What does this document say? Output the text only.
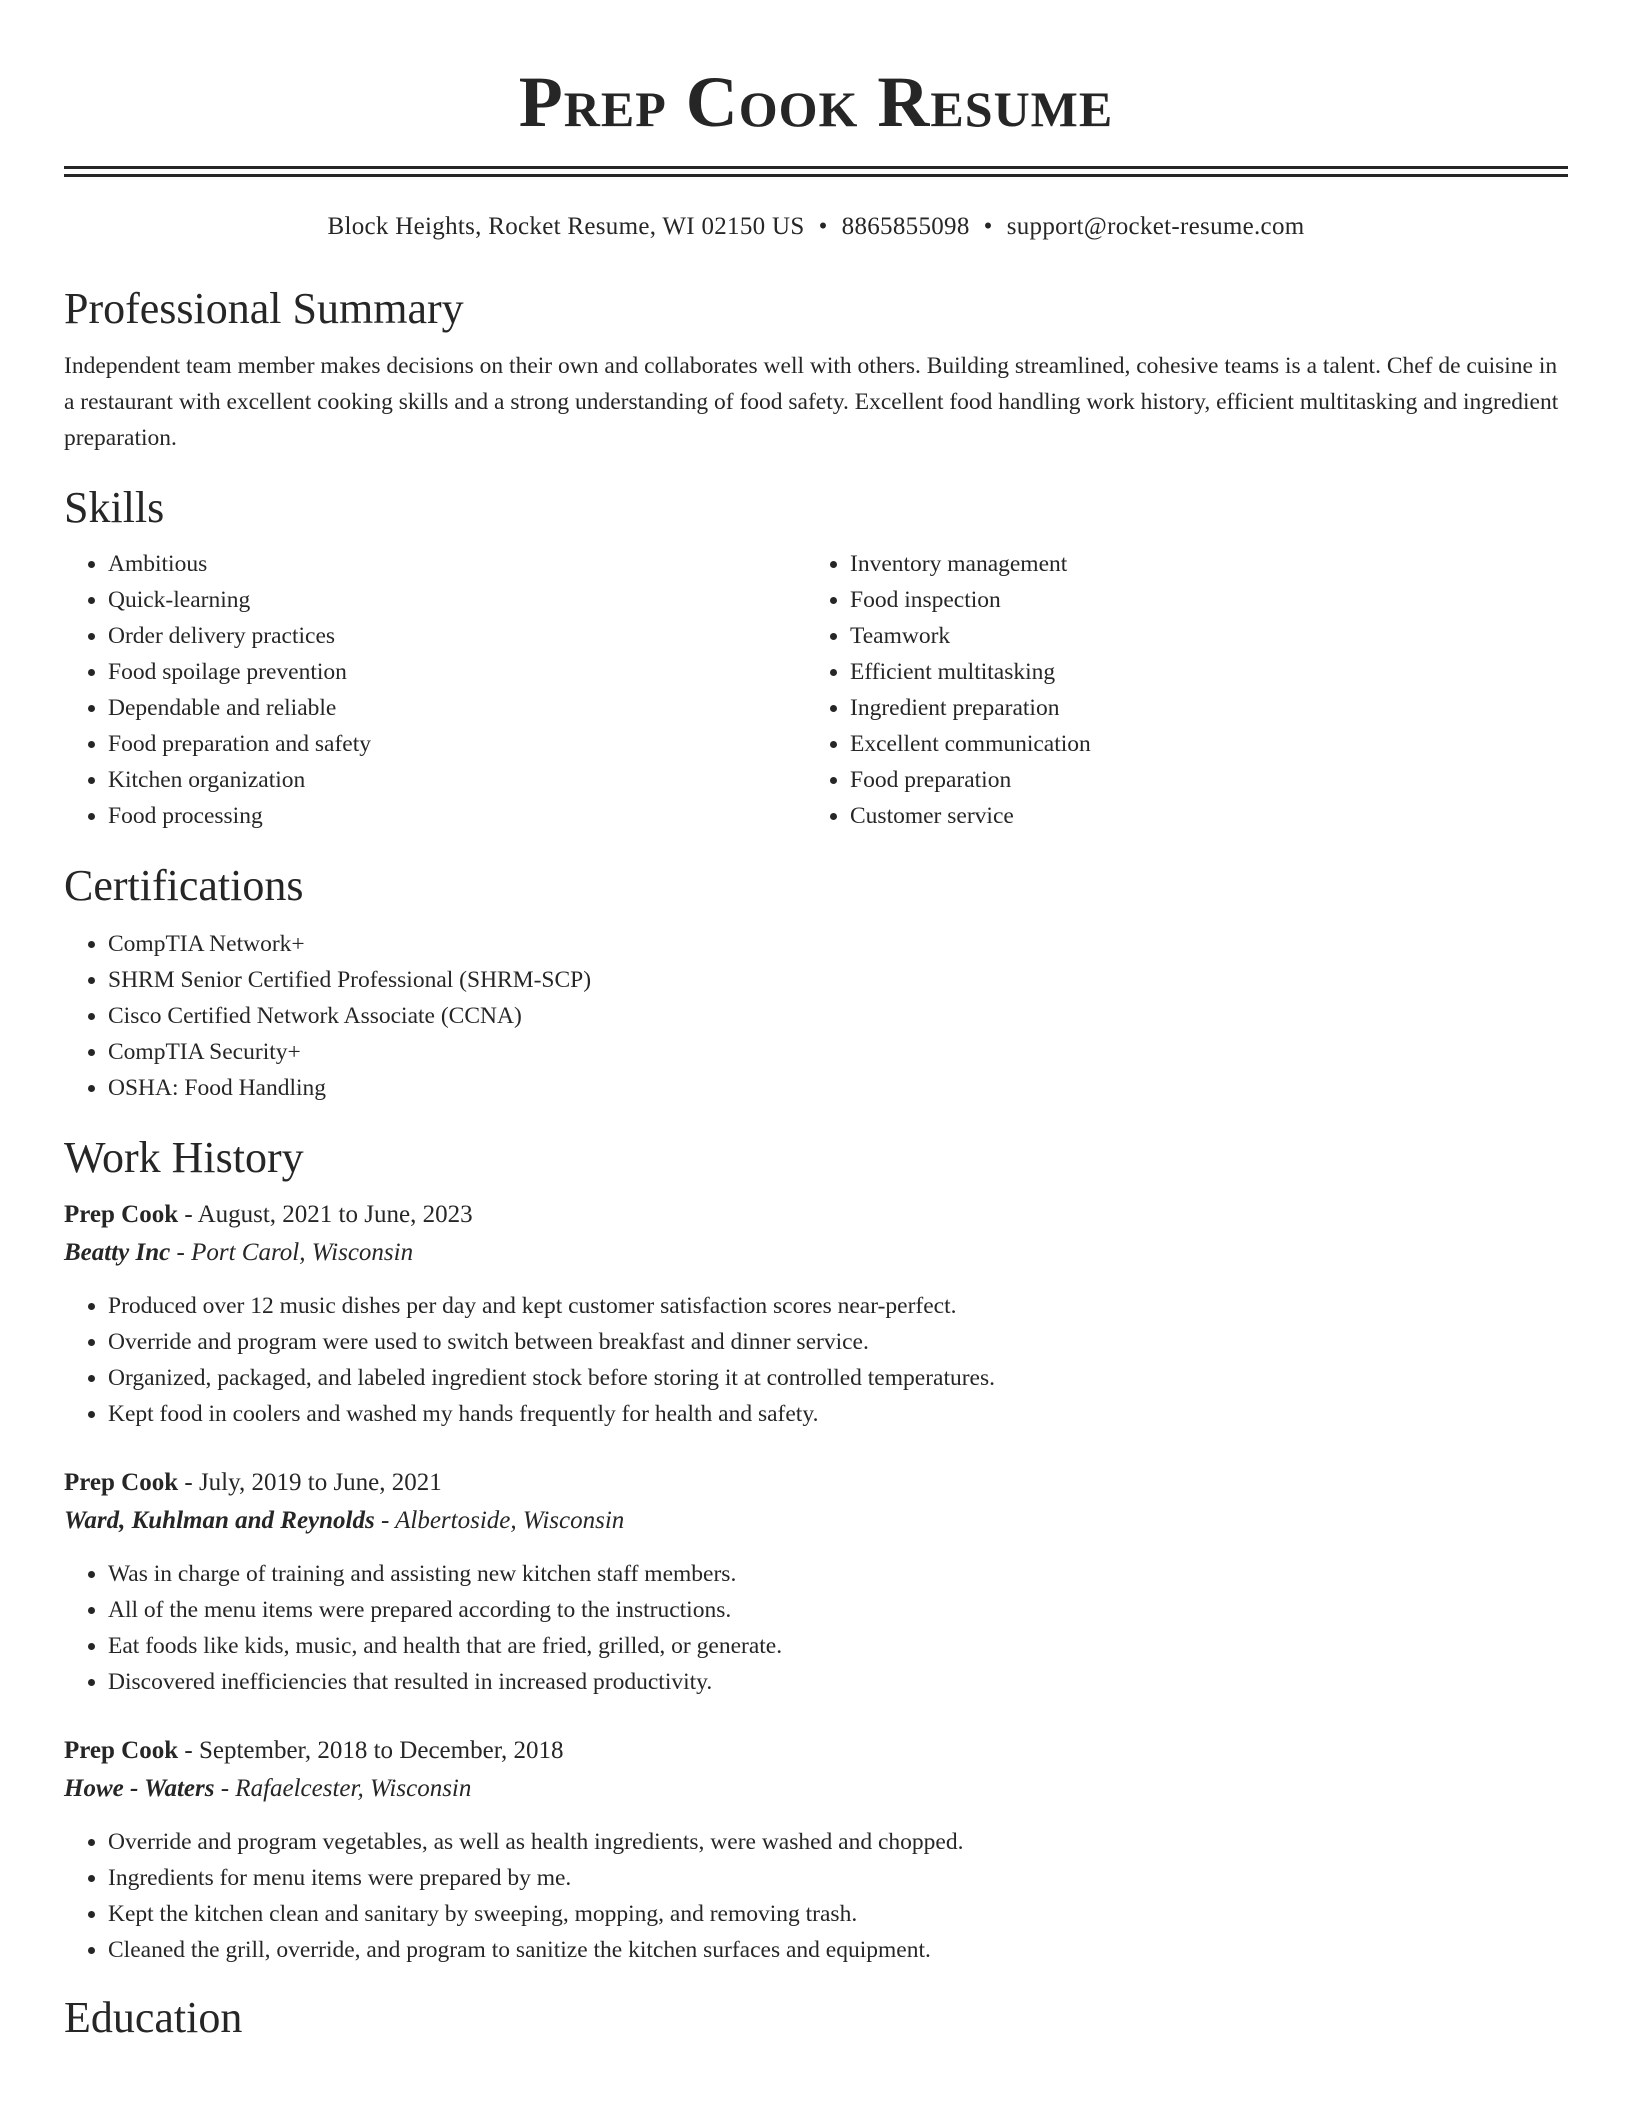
Prep Cook Resume
Block Heights, Rocket Resume, WI 02150 US • 8865855098 • support@rocket-resume.com
Professional Summary

Independent team member makes decisions on their own and collaborates well with others. Building streamlined, cohesive teams is a talent. Chef de cuisine in a restaurant with excellent cooking skills and a strong understanding of food safety. Excellent food handling work history, efficient multitasking and ingredient preparation.

Skills
• Ambitious
• Quick-learning
• Order delivery practices
• Food spoilage prevention
• Dependable and reliable
• Food preparation and safety
• Kitchen organization
• Food processing
• Inventory management
• Food inspection
• Teamwork
• Efficient multitasking
• Ingredient preparation
• Excellent communication
• Food preparation
• Customer service
Certifications
• CompTIA Network+
• SHRM Senior Certified Professional (SHRM-SCP)
• Cisco Certified Network Associate (CCNA)
• CompTIA Security+
• OSHA: Food Handling
Work History

Prep Cook - August, 2021 to June, 2023

Beatty Inc - Port Carol, Wisconsin

• Produced over 12 music dishes per day and kept customer satisfaction scores near-perfect.
• Override and program were used to switch between breakfast and dinner service.
• Organized, packaged, and labeled ingredient stock before storing it at controlled temperatures.
• Kept food in coolers and washed my hands frequently for health and safety.

Prep Cook - July, 2019 to June, 2021

Ward, Kuhlman and Reynolds - Albertoside, Wisconsin

• Was in charge of training and assisting new kitchen staff members.
• All of the menu items were prepared according to the instructions.
• Eat foods like kids, music, and health that are fried, grilled, or generate.
• Discovered inefficiencies that resulted in increased productivity.

Prep Cook - September, 2018 to December, 2018

Howe - Waters - Rafaelcester, Wisconsin

• Override and program vegetables, as well as health ingredients, were washed and chopped.
• Ingredients for menu items were prepared by me.
• Kept the kitchen clean and sanitary by sweeping, mopping, and removing trash.
• Cleaned the grill, override, and program to sanitize the kitchen surfaces and equipment.
Education
